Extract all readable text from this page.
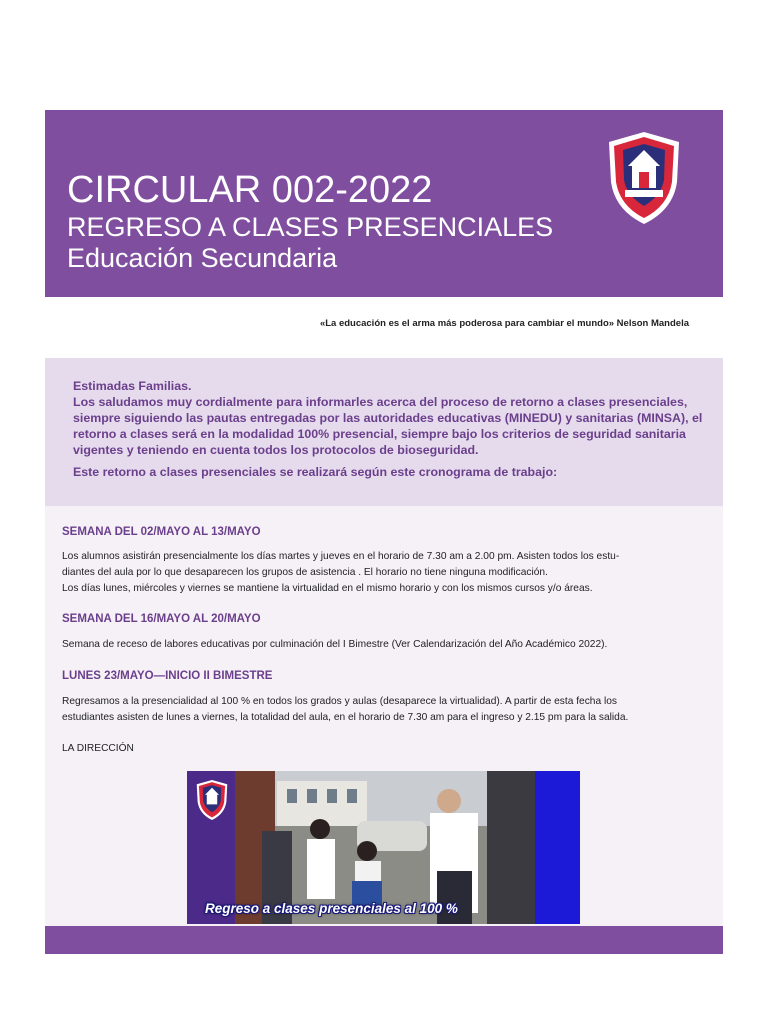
CIRCULAR 002-2022
REGRESO A CLASES PRESENCIALES
Educación Secundaria
«La educación es el arma más poderosa para cambiar el mundo» Nelson Mandela

Estimadas Familias.

Los saludamos muy cordialmente para informarles acerca del proceso de retorno a clases presenciales, siempre siguiendo las pautas entregadas por las autoridades educativas (MINEDU) y sanitarias (MINSA), el retorno a clases será en la modalidad 100% presencial, siempre bajo los criterios de seguridad sanitaria vigentes y teniendo en cuenta todos los protocolos de bioseguridad.

Este retorno a clases presenciales se realizará según este cronograma de trabajo:

SEMANA DEL 02/MAYO AL 13/MAYO

Los alumnos asistirán presencialmente los días martes y jueves en el horario de 7.30 am a 2.00 pm. Asisten todos los estu-

diantes del aula por lo que desaparecen los grupos de asistencia . El horario no tiene ninguna modificación.

Los días lunes, miércoles y viernes se mantiene la virtualidad en el mismo horario y con los mismos cursos y/o áreas.

SEMANA DEL 16/MAYO AL 20/MAYO

Semana de receso de labores educativas por culminación del I Bimestre (Ver Calendarización del Año Académico 2022).

LUNES 23/MAYO—INICIO II BIMESTRE

Regresamos a la presencialidad al 100 % en todos los grados y aulas (desaparece la virtualidad). A partir de esta fecha los

estudiantes asisten de lunes a viernes, la totalidad del aula, en el horario de 7.30 am para el ingreso y 2.15 pm para la salida.

LA DIRECCIÓN
Regreso a clases presenciales al 100 %
